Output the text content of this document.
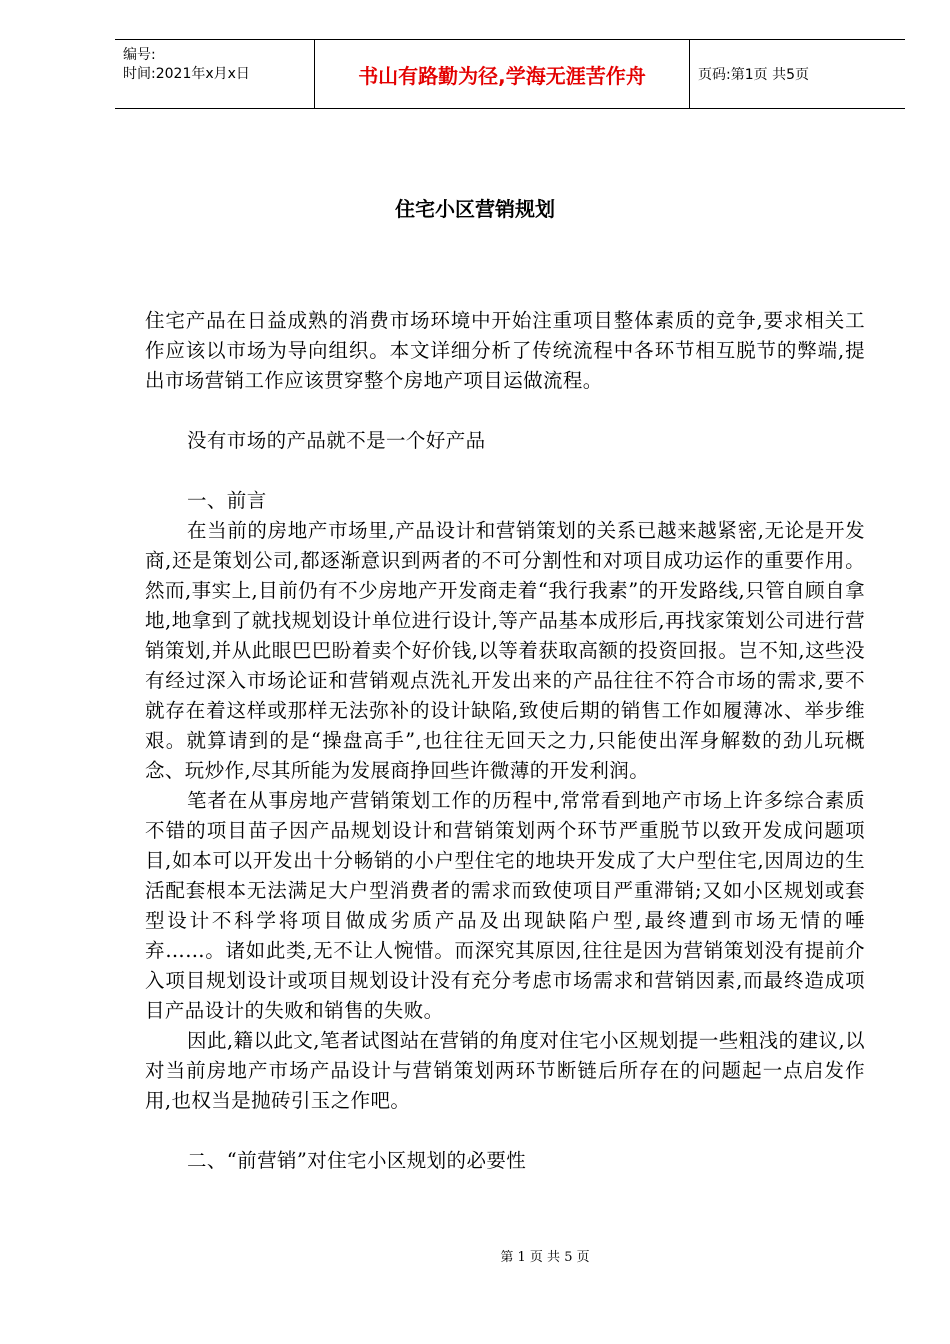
编号:
时间:2021年x月x日	书山有路勤为径,学海无涯苦作舟	页码:第1页 共5页
住宅小区营销规划

住宅产品在日益成熟的消费市场环境中开始注重项目整体素质的竞争,要求相关工作应该以市场为导向组织。本文详细分析了传统流程中各环节相互脱节的弊端,提出市场营销工作应该贯穿整个房地产项目运做流程。

没有市场的产品就不是一个好产品

一、前言

在当前的房地产市场里,产品设计和营销策划的关系已越来越紧密,无论是开发商,还是策划公司,都逐渐意识到两者的不可分割性和对项目成功运作的重要作用。然而,事实上,目前仍有不少房地产开发商走着“我行我素”的开发路线,只管自顾自拿地,地拿到了就找规划设计单位进行设计,等产品基本成形后,再找家策划公司进行营销策划,并从此眼巴巴盼着卖个好价钱,以等着获取高额的投资回报。岂不知,这些没有经过深入市场论证和营销观点洗礼开发出来的产品往往不符合市场的需求,要不就存在着这样或那样无法弥补的设计缺陷,致使后期的销售工作如履薄冰、举步维艰。就算请到的是“操盘高手”,也往往无回天之力,只能使出浑身解数的劲儿玩概念、玩炒作,尽其所能为发展商挣回些许微薄的开发利润。

笔者在从事房地产营销策划工作的历程中,常常看到地产市场上许多综合素质不错的项目苗子因产品规划设计和营销策划两个环节严重脱节以致开发成问题项目,如本可以开发出十分畅销的小户型住宅的地块开发成了大户型住宅,因周边的生活配套根本无法满足大户型消费者的需求而致使项目严重滞销;又如小区规划或套型设计不科学将项目做成劣质产品及出现缺陷户型,最终遭到市场无情的唾弃……。诸如此类,无不让人惋惜。而深究其原因,往往是因为营销策划没有提前介入项目规划设计或项目规划设计没有充分考虑市场需求和营销因素,而最终造成项目产品设计的失败和销售的失败。

因此,籍以此文,笔者试图站在营销的角度对住宅小区规划提一些粗浅的建议,以对当前房地产市场产品设计与营销策划两环节断链后所存在的问题起一点启发作用,也权当是抛砖引玉之作吧。

二、“前营销”对住宅小区规划的必要性

第 1 页 共 5 页
